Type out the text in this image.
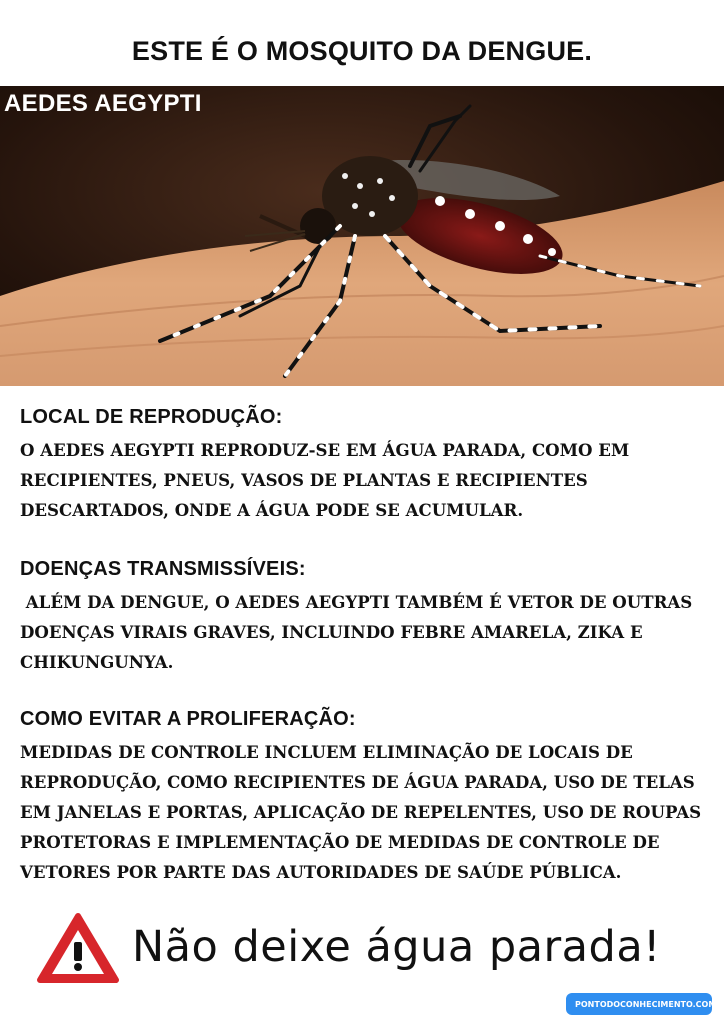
ESTE É O MOSQUITO DA DENGUE.
AEDES AEGYPTI
LOCAL DE REPRODUÇÃO:
O AEDES AEGYPTI REPRODUZ-SE EM ÁGUA PARADA, COMO EM
RECIPIENTES, PNEUS, VASOS DE PLANTAS E RECIPIENTES
DESCARTADOS, ONDE A ÁGUA PODE SE ACUMULAR.
DOENÇAS TRANSMISSÍVEIS:
ALÉM DA DENGUE, O AEDES AEGYPTI TAMBÉM É VETOR DE OUTRAS
DOENÇAS VIRAIS GRAVES, INCLUINDO FEBRE AMARELA, ZIKA E
CHIKUNGUNYA.
COMO EVITAR A PROLIFERAÇÃO:
MEDIDAS DE CONTROLE INCLUEM ELIMINAÇÃO DE LOCAIS DE
REPRODUÇÃO, COMO RECIPIENTES DE ÁGUA PARADA, USO DE TELAS
EM JANELAS E PORTAS, APLICAÇÃO DE REPELENTES, USO DE ROUPAS
PROTETORAS E IMPLEMENTAÇÃO DE MEDIDAS DE CONTROLE DE
VETORES POR PARTE DAS AUTORIDADES DE SAÚDE PÚBLICA.
Não deixe água parada!
PONTODOCONHECIMENTO.COM
